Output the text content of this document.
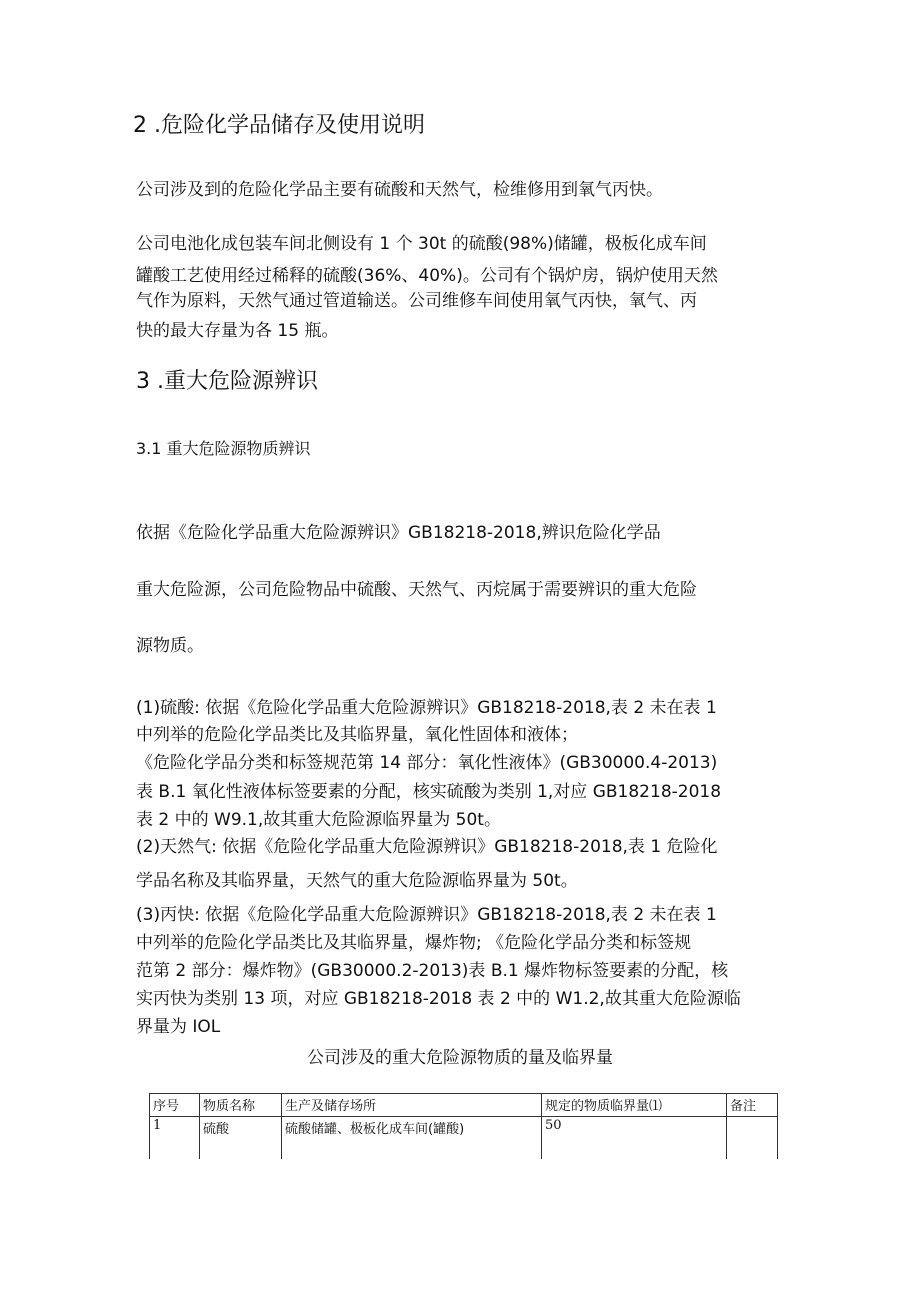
2 .危险化学品储存及使用说明
公司涉及到的危险化学品主要有硫酸和天然气，检维修用到氧气丙快。
公司电池化成包装车间北侧设有 1 个 30t 的硫酸(98%)储罐，极板化成车间
罐酸工艺使用经过稀释的硫酸(36%、40%)。公司有个锅炉房，锅炉使用天然
气作为原料，天然气通过管道输送。公司维修车间使用氧气丙快，氧气、丙
快的最大存量为各 15 瓶。
3 .重大危险源辨识
3.1 重大危险源物质辨识
依据《危险化学品重大危险源辨识》GB18218-2018,辨识危险化学品
重大危险源，公司危险物品中硫酸、天然气、丙烷属于需要辨识的重大危险
源物质。
(1)硫酸: 依据《危险化学品重大危险源辨识》GB18218-2018,表 2 未在表 1
中列举的危险化学品类比及其临界量，氧化性固体和液体；
《危险化学品分类和标签规范第 14 部分：氧化性液体》(GB30000.4-2013)
表 B.1 氧化性液体标签要素的分配，核实硫酸为类别 1,对应 GB18218-2018
表 2 中的 W9.1,故其重大危险源临界量为 50t。
(2)天然气: 依据《危险化学品重大危险源辨识》GB18218-2018,表 1 危险化
学品名称及其临界量，天然气的重大危险源临界量为 50t。
(3)丙快: 依据《危险化学品重大危险源辨识》GB18218-2018,表 2 未在表 1
中列举的危险化学品类比及其临界量，爆炸物; 《危险化学品分类和标签规
范第 2 部分：爆炸物》(GB30000.2-2013)表 B.1 爆炸物标签要素的分配，核
实丙快为类别 13 项，对应 GB18218-2018 表 2 中的 W1.2,故其重大危险源临
界量为 IOL
公司涉及的重大危险源物质的量及临界量
序号	物质名称	生产及储存场所	规定的物质临界量⑴	备注
1	硫酸	硫酸储罐、极板化成车间(罐酸)	50	
